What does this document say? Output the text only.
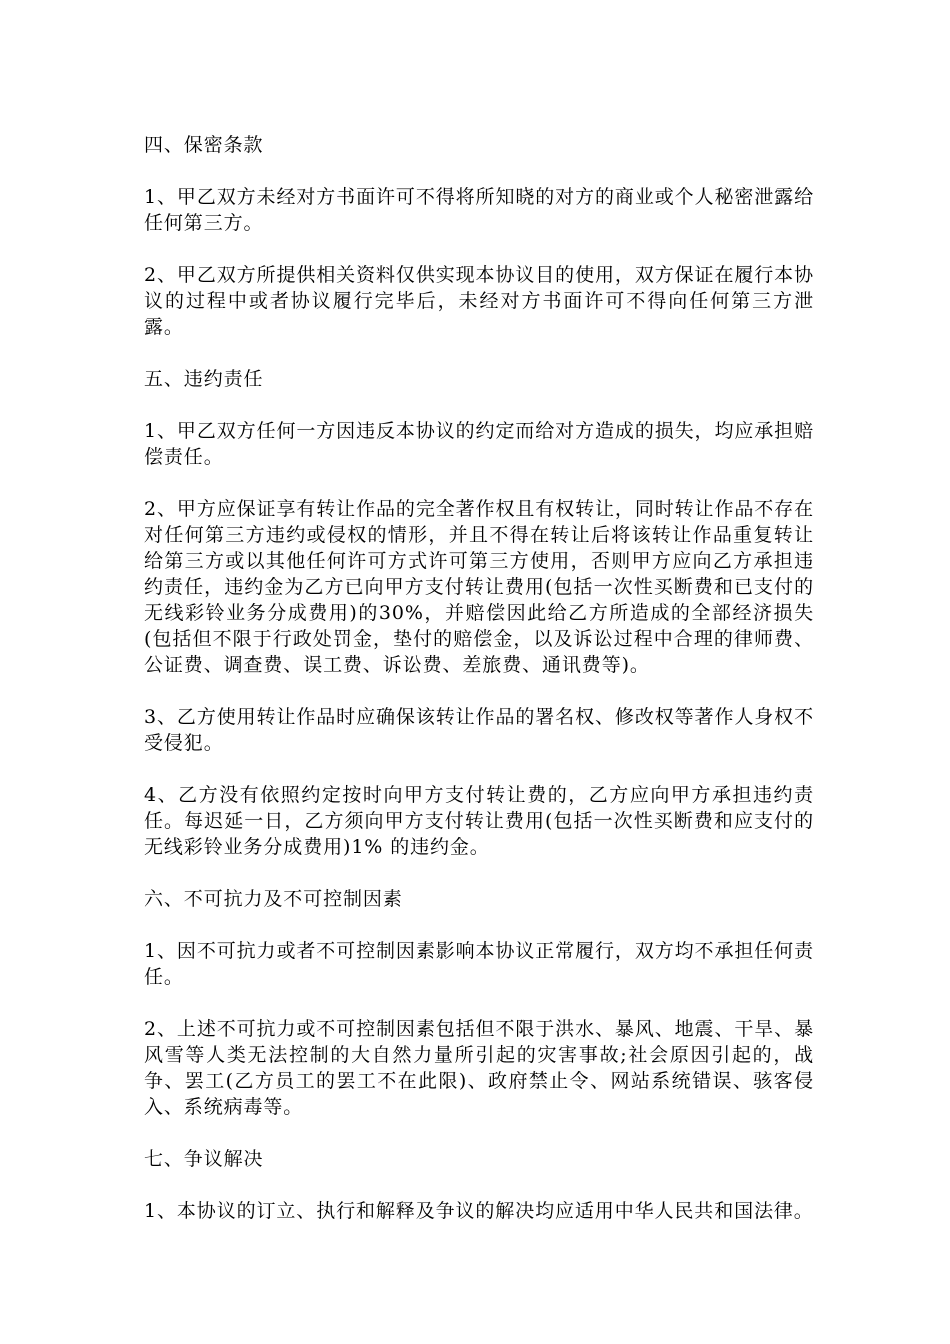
四、保密条款

1、甲乙双方未经对方书面许可不得将所知晓的对方的商业或个人秘密泄露给任何第三方。

2、甲乙双方所提供相关资料仅供实现本协议目的使用，双方保证在履行本协议的过程中或者协议履行完毕后，未经对方书面许可不得向任何第三方泄露。

五、违约责任

1、甲乙双方任何一方因违反本协议的约定而给对方造成的损失，均应承担赔偿责任。

2、甲方应保证享有转让作品的完全著作权且有权转让，同时转让作品不存在对任何第三方违约或侵权的情形，并且不得在转让后将该转让作品重复转让给第三方或以其他任何许可方式许可第三方使用，否则甲方应向乙方承担违约责任，违约金为乙方已向甲方支付转让费用(包括一次性买断费和已支付的无线彩铃业务分成费用)的30%，并赔偿因此给乙方所造成的全部经济损失(包括但不限于行政处罚金，垫付的赔偿金，以及诉讼过程中合理的律师费、公证费、调查费、误工费、诉讼费、差旅费、通讯费等)。

3、乙方使用转让作品时应确保该转让作品的署名权、修改权等著作人身权不受侵犯。

4、乙方没有依照约定按时向甲方支付转让费的，乙方应向甲方承担违约责任。每迟延一日，乙方须向甲方支付转让费用(包括一次性买断费和应支付的无线彩铃业务分成费用)1% 的违约金。

六、不可抗力及不可控制因素

1、因不可抗力或者不可控制因素影响本协议正常履行，双方均不承担任何责任。

2、上述不可抗力或不可控制因素包括但不限于洪水、暴风、地震、干旱、暴风雪等人类无法控制的大自然力量所引起的灾害事故;社会原因引起的，战争、罢工(乙方员工的罢工不在此限)、政府禁止令、网站系统错误、骇客侵入、系统病毒等。

七、争议解决

1、本协议的订立、执行和解释及争议的解决均应适用中华人民共和国法律。
